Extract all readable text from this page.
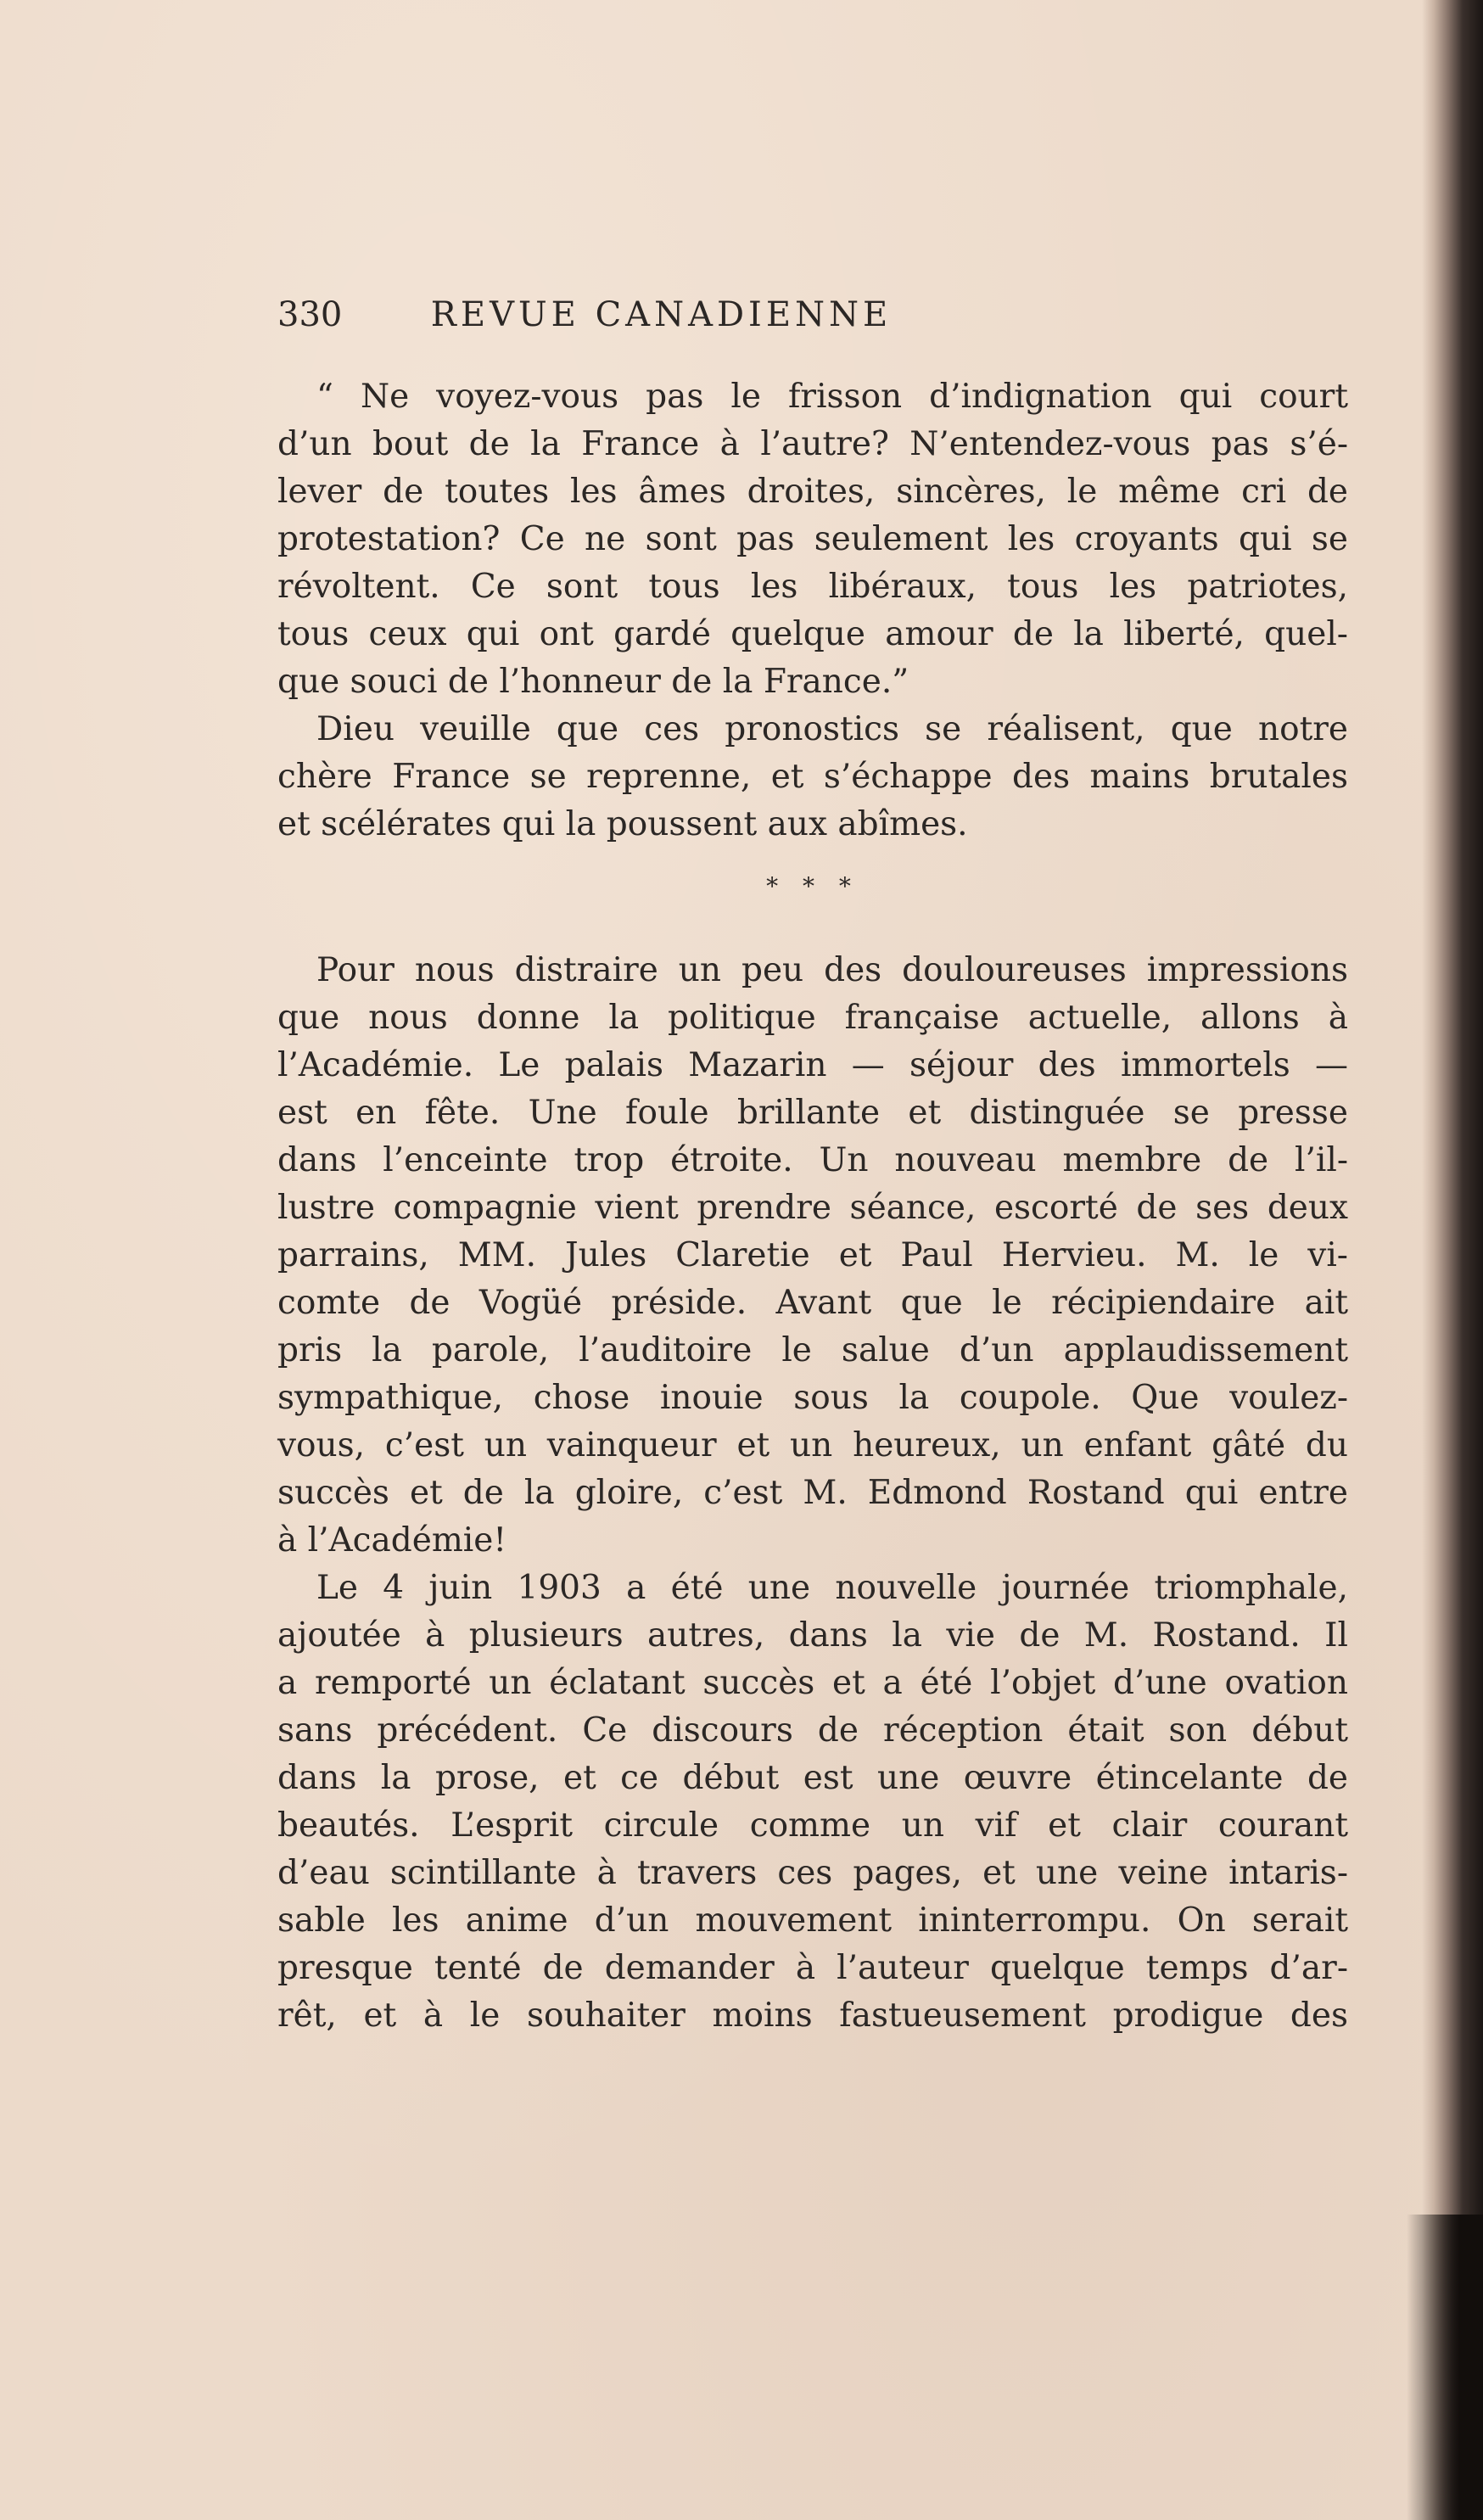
330	REVUE CANADIENNE
“ Ne voyez-vous pas le frisson d’indignation qui court
d’un bout de la France à l’autre? N’entendez-vous pas s’é-
lever de toutes les âmes droites, sincères, le même cri de
protestation? Ce ne sont pas seulement les croyants qui se
révoltent. Ce sont tous les libéraux, tous les patriotes,
tous ceux qui ont gardé quelque amour de la liberté, quel-
que souci de l’honneur de la France.”
Dieu veuille que ces pronostics se réalisent, que notre
chère France se reprenne, et s’échappe des mains brutales
et scélérates qui la poussent aux abîmes.
* * *
Pour nous distraire un peu des douloureuses impressions
que nous donne la politique française actuelle, allons à
l’Académie. Le palais Mazarin — séjour des immortels —
est en fête. Une foule brillante et distinguée se presse
dans l’enceinte trop étroite. Un nouveau membre de l’il-
lustre compagnie vient prendre séance, escorté de ses deux
parrains, MM. Jules Claretie et Paul Hervieu. M. le vi-
comte de Vogüé préside. Avant que le récipiendaire ait
pris la parole, l’auditoire le salue d’un applaudissement
sympathique, chose inouie sous la coupole. Que voulez-
vous, c’est un vainqueur et un heureux, un enfant gâté du
succès et de la gloire, c’est M. Edmond Rostand qui entre
à l’Académie!
Le 4 juin 1903 a été une nouvelle journée triomphale,
ajoutée à plusieurs autres, dans la vie de M. Rostand. Il
a remporté un éclatant succès et a été l’objet d’une ovation
sans précédent. Ce discours de réception était son début
dans la prose, et ce début est une œuvre étincelante de
beautés. L’esprit circule comme un vif et clair courant
d’eau scintillante à travers ces pages, et une veine intaris-
sable les anime d’un mouvement ininterrompu. On serait
presque tenté de demander à l’auteur quelque temps d’ar-
rêt, et à le souhaiter moins fastueusement prodigue des
